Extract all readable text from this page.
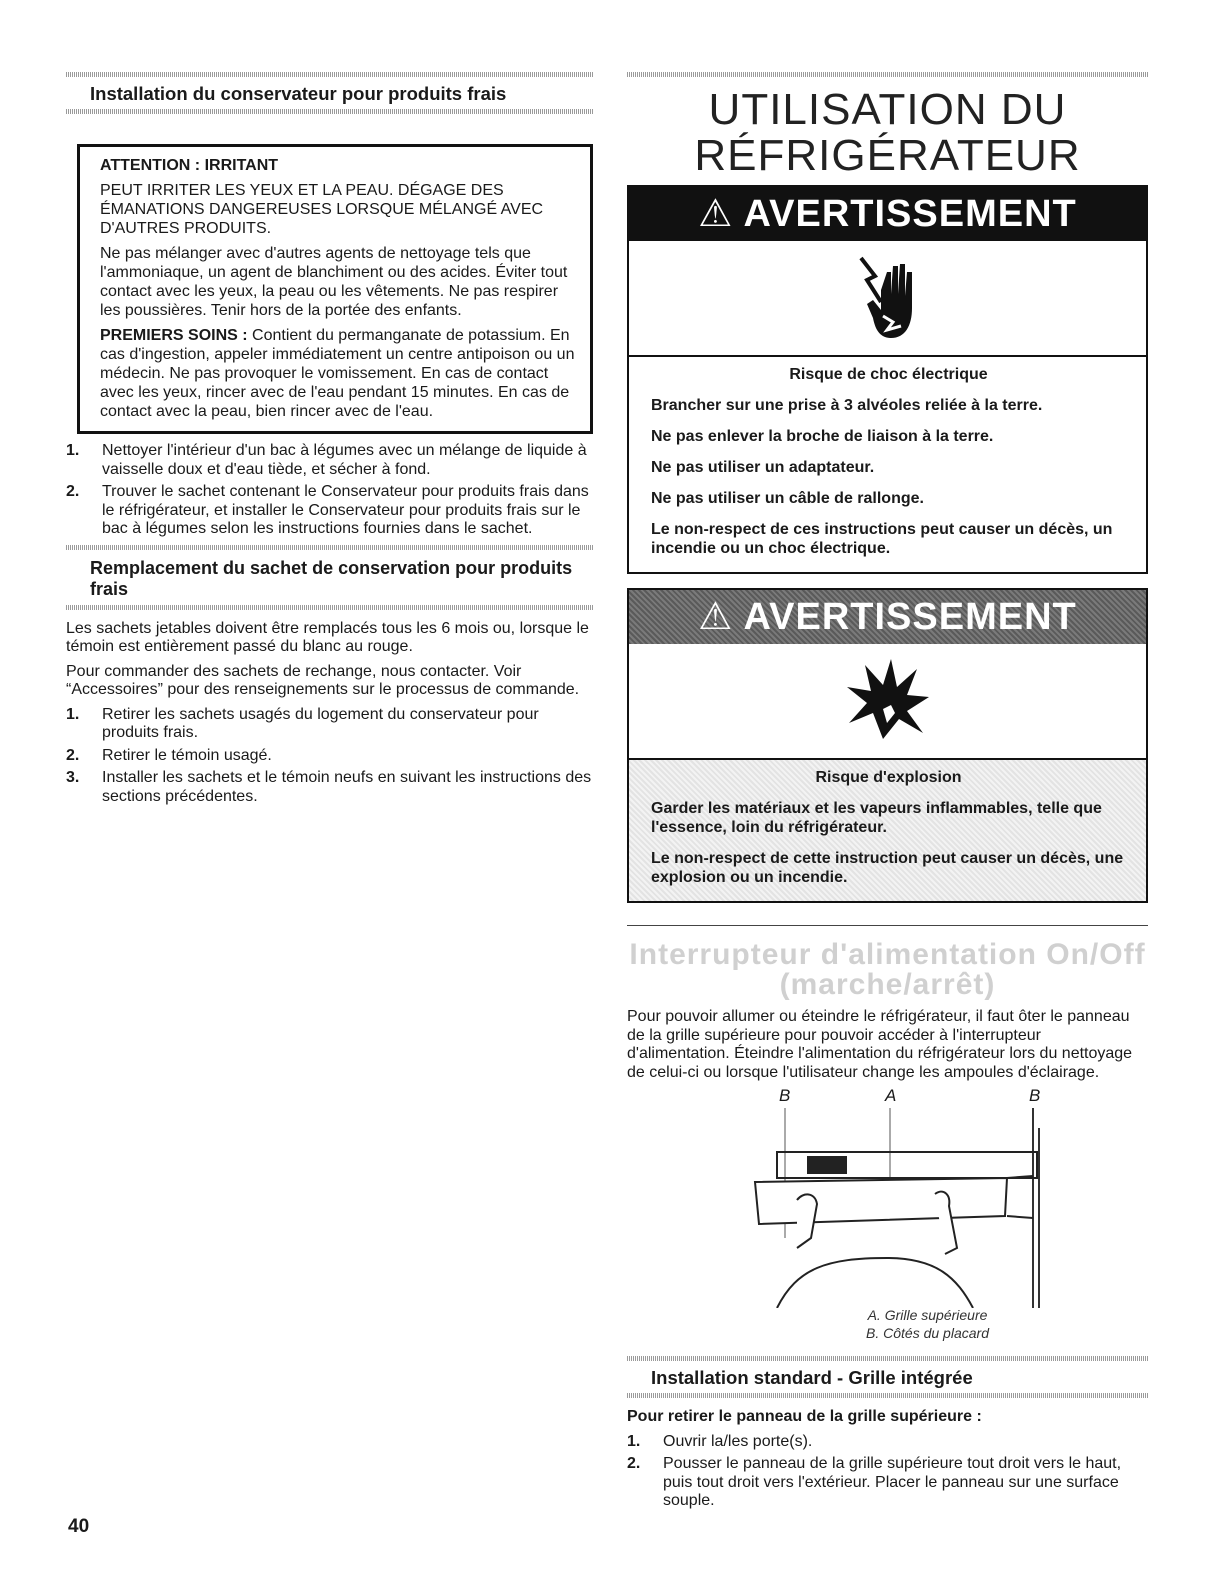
Installation du conservateur pour produits frais
ATTENTION : IRRITANT

PEUT IRRITER LES YEUX ET LA PEAU. DÉGAGE DES ÉMANATIONS DANGEREUSES LORSQUE MÉLANGÉ AVEC D'AUTRES PRODUITS.

Ne pas mélanger avec d'autres agents de nettoyage tels que l'ammoniaque, un agent de blanchiment ou des acides. Éviter tout contact avec les yeux, la peau ou les vêtements. Ne pas respirer les poussières. Tenir hors de la portée des enfants.

PREMIERS SOINS : Contient du permanganate de potassium. En cas d'ingestion, appeler immédiatement un centre antipoison ou un médecin. Ne pas provoquer le vomissement. En cas de contact avec les yeux, rincer avec de l'eau pendant 15 minutes. En cas de contact avec la peau, bien rincer avec de l'eau.

1. Nettoyer l'intérieur d'un bac à légumes avec un mélange de liquide à vaisselle doux et d'eau tiède, et sécher à fond.
2. Trouver le sachet contenant le Conservateur pour produits frais dans le réfrigérateur, et installer le Conservateur pour produits frais sur le bac à légumes selon les instructions fournies dans le sachet.
Remplacement du sachet de conservation pour produits frais

Les sachets jetables doivent être remplacés tous les 6 mois ou, lorsque le témoin est entièrement passé du blanc au rouge.

Pour commander des sachets de rechange, nous contacter. Voir “Accessoires” pour des renseignements sur le processus de commande.

1. Retirer les sachets usagés du logement du conservateur pour produits frais.
2. Retirer le témoin usagé.
3. Installer les sachets et le témoin neufs en suivant les instructions des sections précédentes.
UTILISATION DU
RÉFRIGÉRATEUR
⚠ AVERTISSEMENT

Risque de choc électrique

Brancher sur une prise à 3 alvéoles reliée à la terre.

Ne pas enlever la broche de liaison à la terre.

Ne pas utiliser un adaptateur.

Ne pas utiliser un câble de rallonge.

Le non-respect de ces instructions peut causer un décès, un incendie ou un choc électrique.

⚠ AVERTISSEMENT

Risque d'explosion

Garder les matériaux et les vapeurs inflammables, telle que l'essence, loin du réfrigérateur.

Le non-respect de cette instruction peut causer un décès, une explosion ou un incendie.

Interrupteur d'alimentation On/Off (marche/arrêt)

Pour pouvoir allumer ou éteindre le réfrigérateur, il faut ôter le panneau de la grille supérieure pour pouvoir accéder à l'interrupteur d'alimentation. Éteindre l'alimentation du réfrigérateur lors du nettoyage de celui-ci ou lorsque l'utilisateur change les ampoules d'éclairage.

B	A	B
A. Grille supérieure
B. Côtés du placard
Installation standard - Grille intégrée

Pour retirer le panneau de la grille supérieure :

1. Ouvrir la/les porte(s).
2. Pousser le panneau de la grille supérieure tout droit vers le haut, puis tout droit vers l'extérieur. Placer le panneau sur une surface souple.
40
